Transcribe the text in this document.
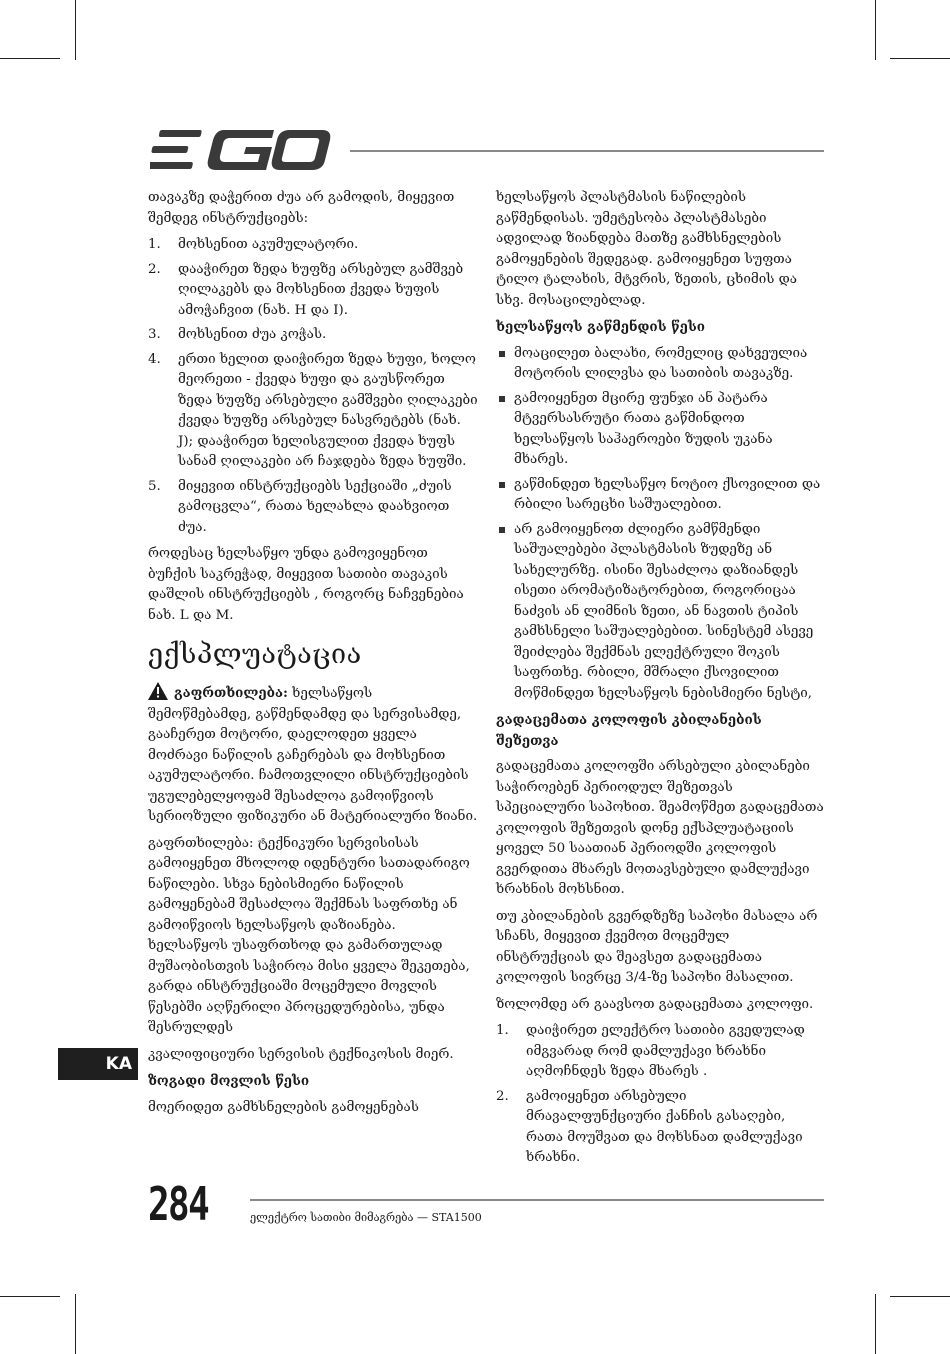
თავაკზე დაჭერით ძუა არ გამოდის, მიყევით შემდეგ ინსტრუქციებს:

1. მოხსენით აკუმულატორი.
2. დააჭირეთ ზედა ხუფზე არსებულ გამშვებ ღილაკებს და მოხსენით ქვედა ხუფის ამოჭაჩვით (ნახ. H და I).
3. მოხსენით ძუა კოჭას.
4. ერთი ხელით დაიჭირეთ ზედა ხუფი, ხოლო მეორეთი - ქვედა ხუფი და გაუსწორეთ ზედა ხუფზე არსებული გამშვები ღილაკები ქვედა ხუფზე არსებულ ნასვრეტებს (ნახ. J); დააჭირეთ ხელისგულით ქვედა ხუფს სანამ ღილაკები არ ჩაჯდება ზედა ხუფში.
5. მიყევით ინსტრუქციებს სექციაში „ძუის გამოცვლა“, რათა ხელახლა დაახვიოთ ძუა.

როდესაც ხელსაწყო უნდა გამოვიყენოთ ბუჩქის საკრეჭად, მიყევით სათიბი თავაკის დაშლის ინსტრუქციებს , როგორც ნაჩვენებია ნახ. L და M.

ექსპლუატაცია

გაფრთხილება: ხელსაწყოს შემოწმებამდე, გაწმენდამდე და სერვისამდე, გააჩერეთ მოტორი, დაელოდეთ ყველა მოძრავი ნაწილის გაჩერებას და მოხსენით აკუმულატორი. ჩამოთვლილი ინსტრუქციების უგულებელყოფამ შესაძლოა გამოიწვიოს სერიოზული ფიზიკური ან მატერიალური ზიანი.

გაფრთხილება: ტექნიკური სერვისისას გამოიყენეთ მხოლოდ იდენტური სათადარიგო ნაწილები. სხვა ნებისმიერი ნაწილის გამოყენებამ შესაძლოა შექმნას საფრთხე ან გამოიწვიოს ხელსაწყოს დაზიანება. ხელსაწყოს უსაფრთხოდ და გამართულად მუშაობისთვის საჭიროა მისი ყველა შეკეთება, გარდა ინსტრუქციაში მოცემული მოვლის წესებში აღწერილი პროცედურებისა, უნდა შესრულდეს

კვალიფიციური სერვისის ტექნიკოსის მიერ.

ზოგადი მოვლის წესი

მოერიდეთ გამხსნელების გამოყენებას

ხელსაწყოს პლასტმასის ნაწილების გაწმენდისას. უმეტესობა პლასტმასები ადვილად ზიანდება მათზე გამხსნელების გამოყენების შედეგად. გამოიყენეთ სუფთა ტილო ტალახის, მტვრის, ზეთის, ცხიმის და სხვ. მოსაცილებლად.

ხელსაწყოს გაწმენდის წესი
მოაცილეთ ბალახი, რომელიც დახვეულია მოტორის ლილვსა და სათიბის თავაკზე.
გამოიყენეთ მცირე ფუნჯი ან პატარა მტვერსასრუტი რათა გაწმინდოთ ხელსაწყოს საჰაეროები ზუდის უკანა მხარეს.
გაწმინდეთ ხელსაწყო ნოტიო ქსოვილით და რბილი სარეცხი საშუალებით.
არ გამოიყენოთ ძლიერი გამწმენდი საშუალებები პლასტმასის ზუდეზე ან სახელურზე. ისინი შესაძლოა დაზიანდეს ისეთი არომატიზატორებით, როგორიცაა ნაძვის ან ლიმნის ზეთი, ან ნავთის ტიპის გამხსნელი საშუალებებით. სინესტემ ასევე შეიძლება შექმნას ელექტრული შოკის საფრთხე. რბილი, მშრალი ქსოვილით მოწმინდეთ ხელსაწყოს ნებისმიერი ნესტი,
გადაცემათა კოლოფის კბილანების შეზეთვა

გადაცემათა კოლოფში არსებული კბილანები საჭიროებენ პერიოდულ შეზეთვას სპეციალური საპოხით. შეამოწმეთ გადაცემათა კოლოფის შეზეთვის დონე ექსპლუატაციის ყოველ 50 საათიან პერიოდში კოლოფის გვერდითა მხარეს მოთავსებული დამლუქავი ხრახნის მოხსნით.

თუ კბილანების გვერდზეზე საპოხი მასალა არ სჩანს, მიყევით ქვემოთ მოცემულ ინსტრუქციას და შეავსეთ გადაცემათა კოლოფის სივრცე 3/4-ზე საპოხი მასალით.

ზოლომდე არ გაავსოთ გადაცემათა კოლოფი.

1. დაიჭირეთ ელექტრო სათიბი გვედულად იმგვარად რომ დამლუქავი ხრახნი აღმოჩნდეს ზედა მხარეს .
2. გამოიყენეთ არსებული მრავალფუნქციური ქანჩის გასაღები, რათა მოუშვათ და მოხსნათ დამლუქავი ხრახნი.
KA
284	ელექტრო სათიბი მიმაგრება — STA1500
